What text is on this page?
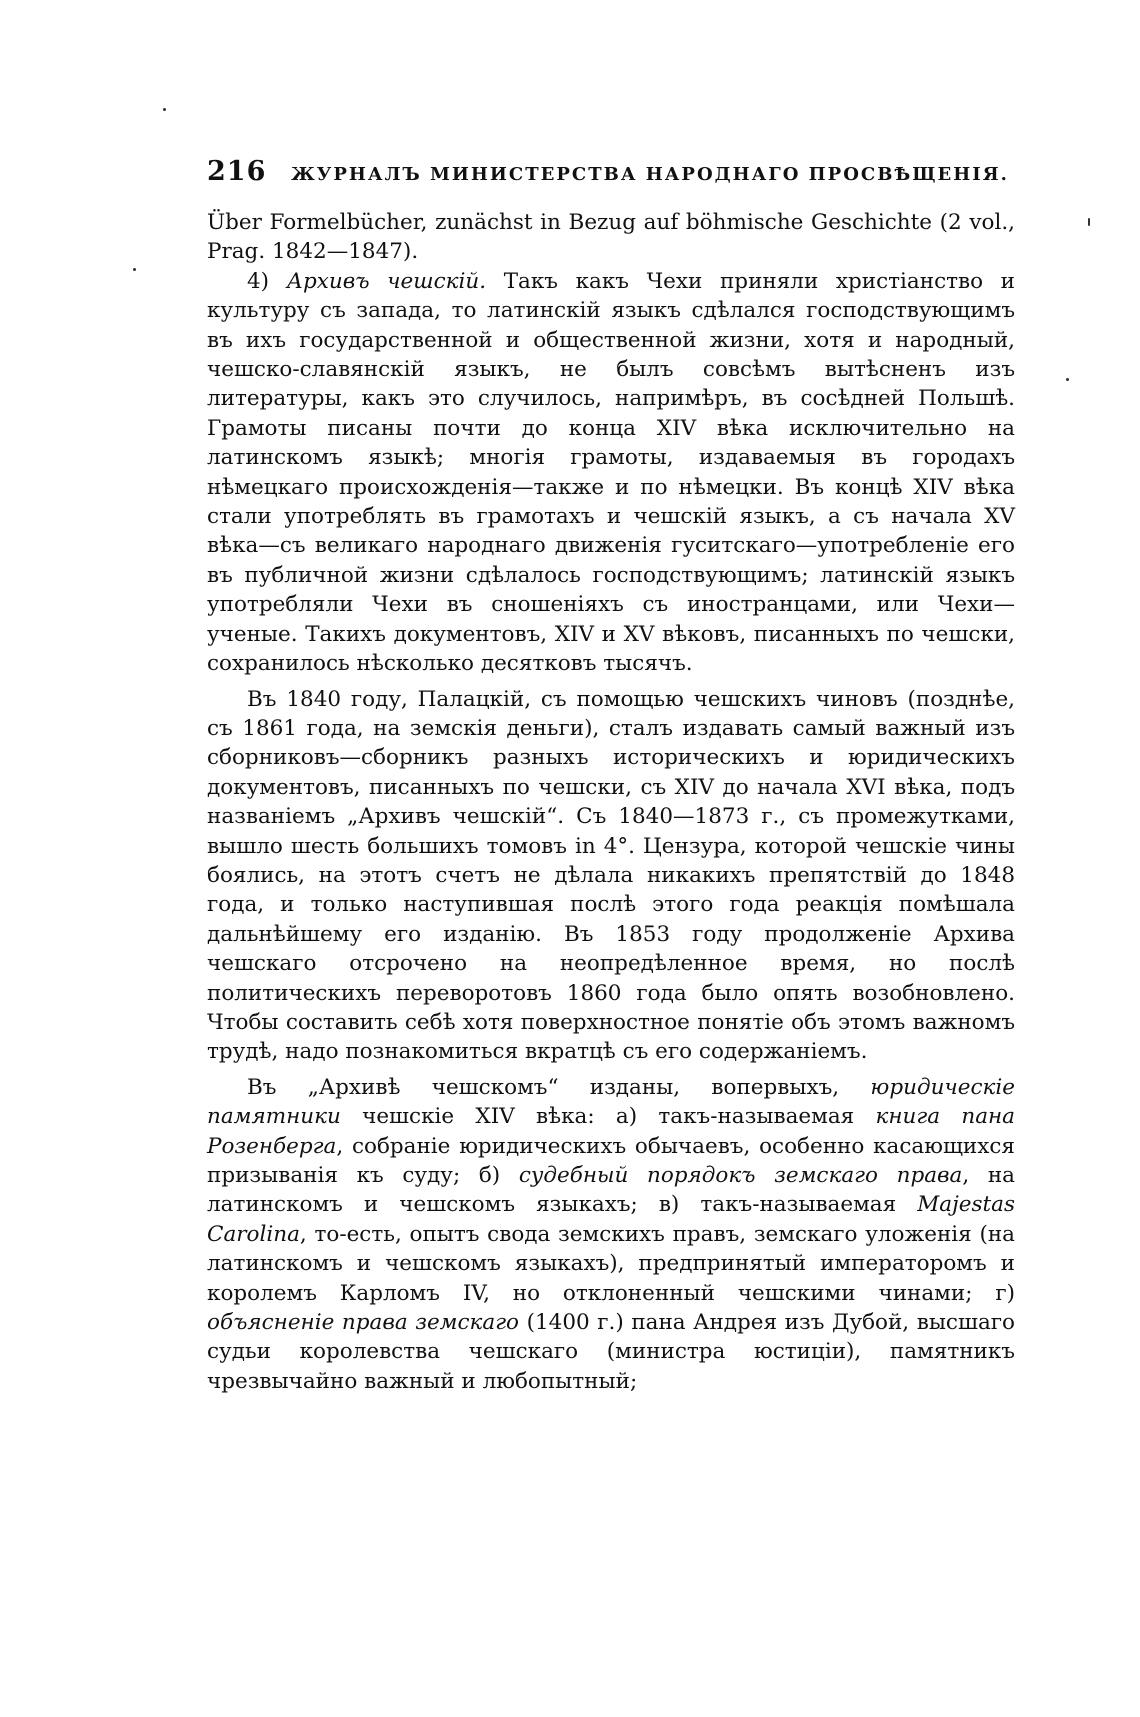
216	ЖУРНАЛЪ МИНИСТЕРСТВА НАРОДНАГО ПРОСВѢЩЕНІЯ.

Über Formelbücher, zunächst in Bezug auf böhmische Geschichte (2 vol., Prag. 1842—1847).

4) Архивъ чешскій. Такъ какъ Чехи приняли христіанство и культуру съ запада, то латинскій языкъ сдѣлался господствующимъ въ ихъ государственной и общественной жизни, хотя и народный, чешско-славянскій языкъ, не былъ совсѣмъ вытѣсненъ изъ литературы, какъ это случилось, напримѣръ, въ сосѣдней Польшѣ. Грамоты писаны почти до конца XIV вѣка исключительно на латинскомъ языкѣ; многія грамоты, издаваемыя въ городахъ нѣмецкаго происхожденія—также и по нѣмецки. Въ концѣ XIV вѣка стали употреблять въ грамотахъ и чешскій языкъ, а съ начала XV вѣка—съ великаго народнаго движенія гуситскаго—употребленіе его въ публичной жизни сдѣлалось господствующимъ; латинскій языкъ употребляли Чехи въ сношеніяхъ съ иностранцами, или Чехи—ученые. Такихъ документовъ, XIV и XV вѣковъ, писанныхъ по чешски, сохранилось нѣсколько десятковъ тысячъ.

Въ 1840 году, Палацкій, съ помощью чешскихъ чиновъ (позднѣе, съ 1861 года, на земскія деньги), сталъ издавать самый важный изъ сборниковъ—сборникъ разныхъ историческихъ и юридическихъ документовъ, писанныхъ по чешски, съ XIV до начала XVI вѣка, подъ названіемъ „Архивъ чешскій“. Съ 1840—1873 г., съ промежутками, вышло шесть большихъ томовъ in 4°. Цензура, которой чешскіе чины боялись, на этотъ счетъ не дѣлала никакихъ препятствій до 1848 года, и только наступившая послѣ этого года реакція помѣшала дальнѣйшему его изданію. Въ 1853 году продолженіе Архива чешскаго отсрочено на неопредѣленное время, но послѣ политическихъ переворотовъ 1860 года было опять возобновлено. Чтобы составить себѣ хотя поверхностное понятіе объ этомъ важномъ трудѣ, надо познакомиться вкратцѣ съ его содержаніемъ.

Въ „Архивѣ чешскомъ“ изданы, вопервыхъ, юридическіе памятники чешскіе XIV вѣка: а) такъ-называемая книга пана Розенберга, собраніе юридическихъ обычаевъ, особенно касающихся призыванія къ суду; б) судебный порядокъ земскаго права, на латинскомъ и чешскомъ языкахъ; в) такъ-называемая Majestas Carolina, то-есть, опытъ свода земскихъ правъ, земскаго уложенія (на латинскомъ и чешскомъ языкахъ), предпринятый императоромъ и королемъ Карломъ IV, но отклоненный чешскими чинами; г) объясненіе права земскаго (1400 г.) пана Андрея изъ Дубой, высшаго судьи королевства чешскаго (министра юстиціи), памятникъ чрезвычайно важный и любопытный;
